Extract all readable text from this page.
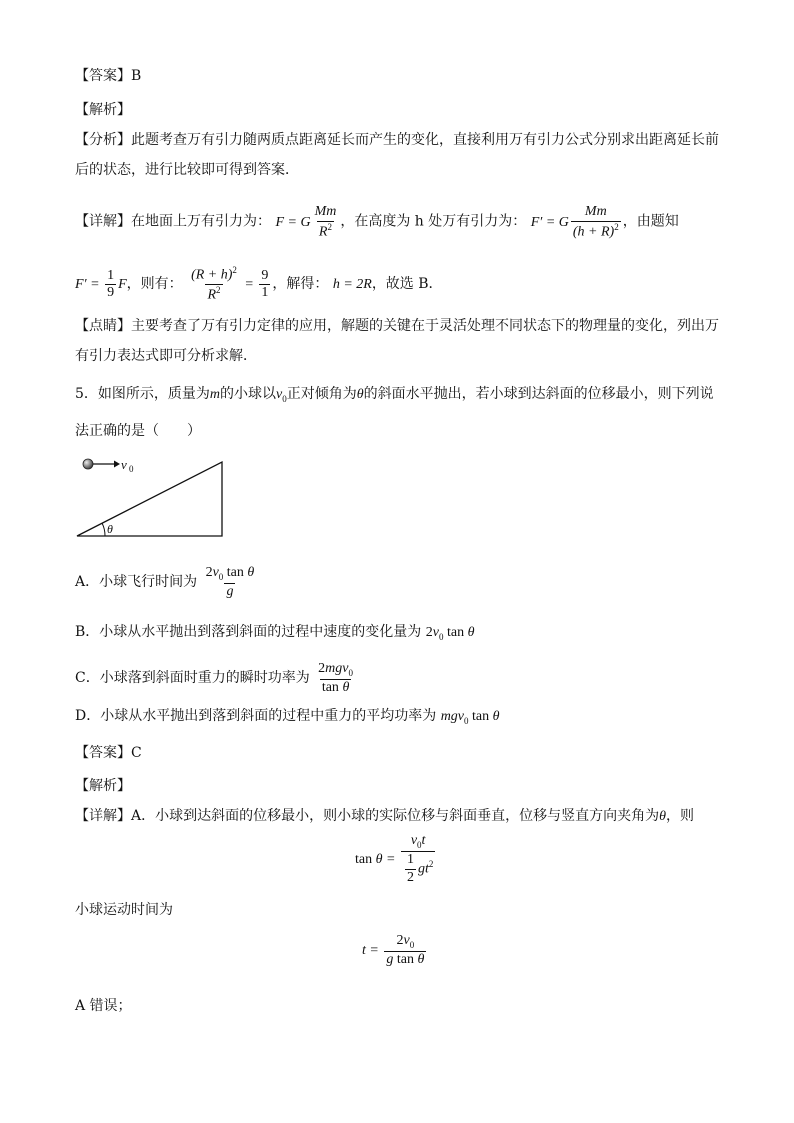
【答案】B
【解析】
【分析】此题考查万有引力随两质点距离延长而产生的变化，直接利用万有引力公式分别求出距离延长前
后的状态，进行比较即可得到答案．
【详解】在地面上万有引力为： F = G $\frac{Mm}{R^2}$ ，在高度为 h 处万有引力为： F′ = G $\frac{Mm}{(h + R)^2}$ ，由题知
$F' = \frac{1}{9}$ F，则有： $\frac{(R + h)^2}{R^2} = \frac{9}{1}$ ，解得： h = 2R，故选 B．
【点睛】主要考查了万有引力定律的应用，解题的关键在于灵活处理不同状态下的物理量的变化，列出万
有引力表达式即可分析求解．
5．如图所示，质量为m的小球以$v_0$正对倾角为θ的斜面水平抛出，若小球到达斜面的位移最小，则下列说
法正确的是（　　）
v 0
θ
A．小球飞行时间为 $\frac{2v_0 \tan \theta}{g}$
B．小球从水平抛出到落到斜面的过程中速度的变化量为 $2v_0$ tan θ
C．小球落到斜面时重力的瞬时功率为 $\frac{2mgv_0}{\text{tan θ}}$
D．小球从水平抛出到落到斜面的过程中重力的平均功率为 mgv$_0$ tan θ
【答案】C
【解析】
【详解】A．小球到达斜面的位移最小，则小球的实际位移与斜面垂直，位移与竖直方向夹角为θ，则
$\tan \theta = \frac{v_0t}{\frac{1}{2} gt^2}$
小球运动时间为
$t = \frac{2v_0}{\text{g tan θ}}$
A 错误；
